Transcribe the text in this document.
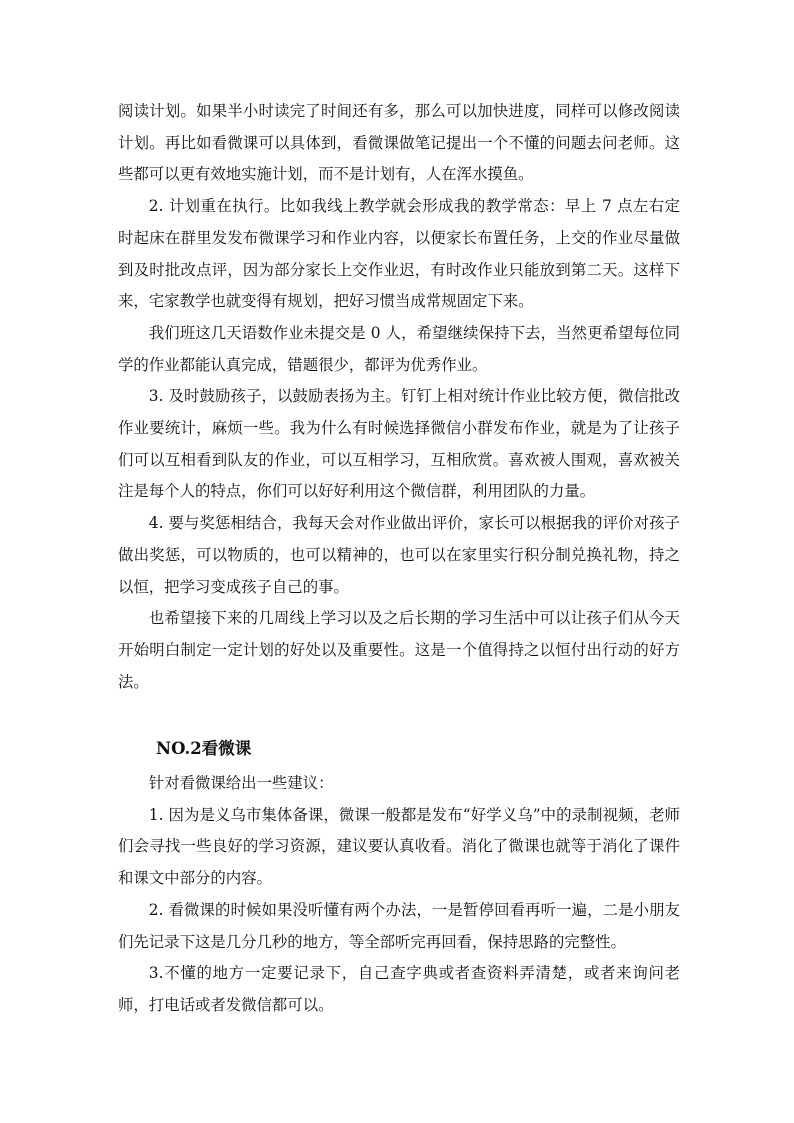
阅读计划。如果半小时读完了时间还有多，那么可以加快进度，同样可以修改阅读计划。再比如看微课可以具体到，看微课做笔记提出一个不懂的问题去问老师。这些都可以更有效地实施计划，而不是计划有，人在浑水摸鱼。

2. 计划重在执行。比如我线上教学就会形成我的教学常态：早上 7 点左右定时起床在群里发发布微课学习和作业内容，以便家长布置任务，上交的作业尽量做到及时批改点评，因为部分家长上交作业迟，有时改作业只能放到第二天。这样下来，宅家教学也就变得有规划，把好习惯当成常规固定下来。

我们班这几天语数作业未提交是 0 人，希望继续保持下去，当然更希望每位同学的作业都能认真完成，错题很少，都评为优秀作业。

3. 及时鼓励孩子，以鼓励表扬为主。钉钉上相对统计作业比较方便，微信批改作业要统计，麻烦一些。我为什么有时候选择微信小群发布作业，就是为了让孩子们可以互相看到队友的作业，可以互相学习，互相欣赏。喜欢被人围观，喜欢被关注是每个人的特点，你们可以好好利用这个微信群，利用团队的力量。

4. 要与奖惩相结合，我每天会对作业做出评价，家长可以根据我的评价对孩子做出奖惩，可以物质的，也可以精神的，也可以在家里实行积分制兑换礼物，持之以恒，把学习变成孩子自己的事。

也希望接下来的几周线上学习以及之后长期的学习生活中可以让孩子们从今天开始明白制定一定计划的好处以及重要性。这是一个值得持之以恒付出行动的好方法。

NO.2看微课

针对看微课给出一些建议：

1. 因为是义乌市集体备课，微课一般都是发布“好学义乌”中的录制视频，老师们会寻找一些良好的学习资源，建议要认真收看。消化了微课也就等于消化了课件和课文中部分的内容。

2. 看微课的时候如果没听懂有两个办法，一是暂停回看再听一遍，二是小朋友们先记录下这是几分几秒的地方，等全部听完再回看，保持思路的完整性。

3.不懂的地方一定要记录下，自己查字典或者查资料弄清楚，或者来询问老师，打电话或者发微信都可以。
